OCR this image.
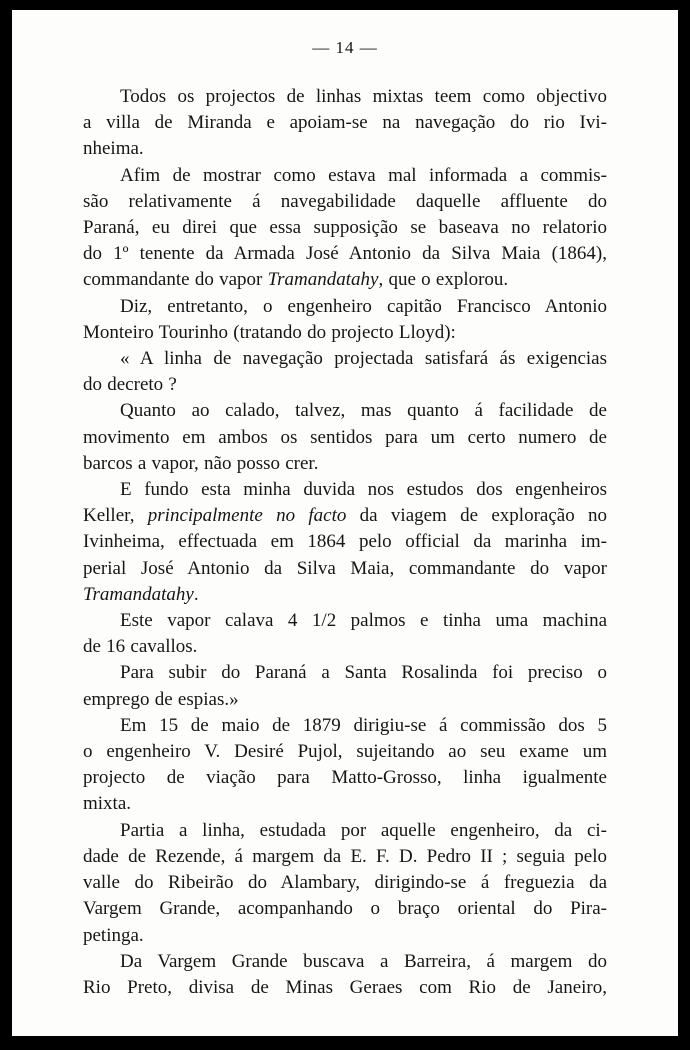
— 14 —
Todos os projectos de linhas mixtas teem como objectivo
a villa de Miranda e apoiam-se na navegação do rio Ivi-
nheima.
Afim de mostrar como estava mal informada a commis-
são relativamente á navegabilidade daquelle affluente do
Paraná, eu direi que essa supposição se baseava no relatorio
do 1º tenente da Armada José Antonio da Silva Maia (1864),
commandante do vapor Tramandatahy, que o explorou.
Diz, entretanto, o engenheiro capitão Francisco Antonio
Monteiro Tourinho (tratando do projecto Lloyd):
« A linha de navegação projectada satisfará ás exigencias
do decreto ?
Quanto ao calado, talvez, mas quanto á facilidade de
movimento em ambos os sentidos para um certo numero de
barcos a vapor, não posso crer.
E fundo esta minha duvida nos estudos dos engenheiros
Keller, principalmente no facto da viagem de exploração no
Ivinheima, effectuada em 1864 pelo official da marinha im-
perial José Antonio da Silva Maia, commandante do vapor
Tramandatahy.
Este vapor calava 4 1/2 palmos e tinha uma machina
de 16 cavallos.
Para subir do Paraná a Santa Rosalinda foi preciso o
emprego de espias.»
Em 15 de maio de 1879 dirigiu-se á commissão dos 5
o engenheiro V. Desiré Pujol, sujeitando ao seu exame um
projecto de viação para Matto-Grosso, linha igualmente
mixta.
Partia a linha, estudada por aquelle engenheiro, da ci-
dade de Rezende, á margem da E. F. D. Pedro II ; seguia pelo
valle do Ribeirão do Alambary, dirigindo-se á freguezia da
Vargem Grande, acompanhando o braço oriental do Pira-
petinga.
Da Vargem Grande buscava a Barreira, á margem do
Rio Preto, divisa de Minas Geraes com Rio de Janeiro,
